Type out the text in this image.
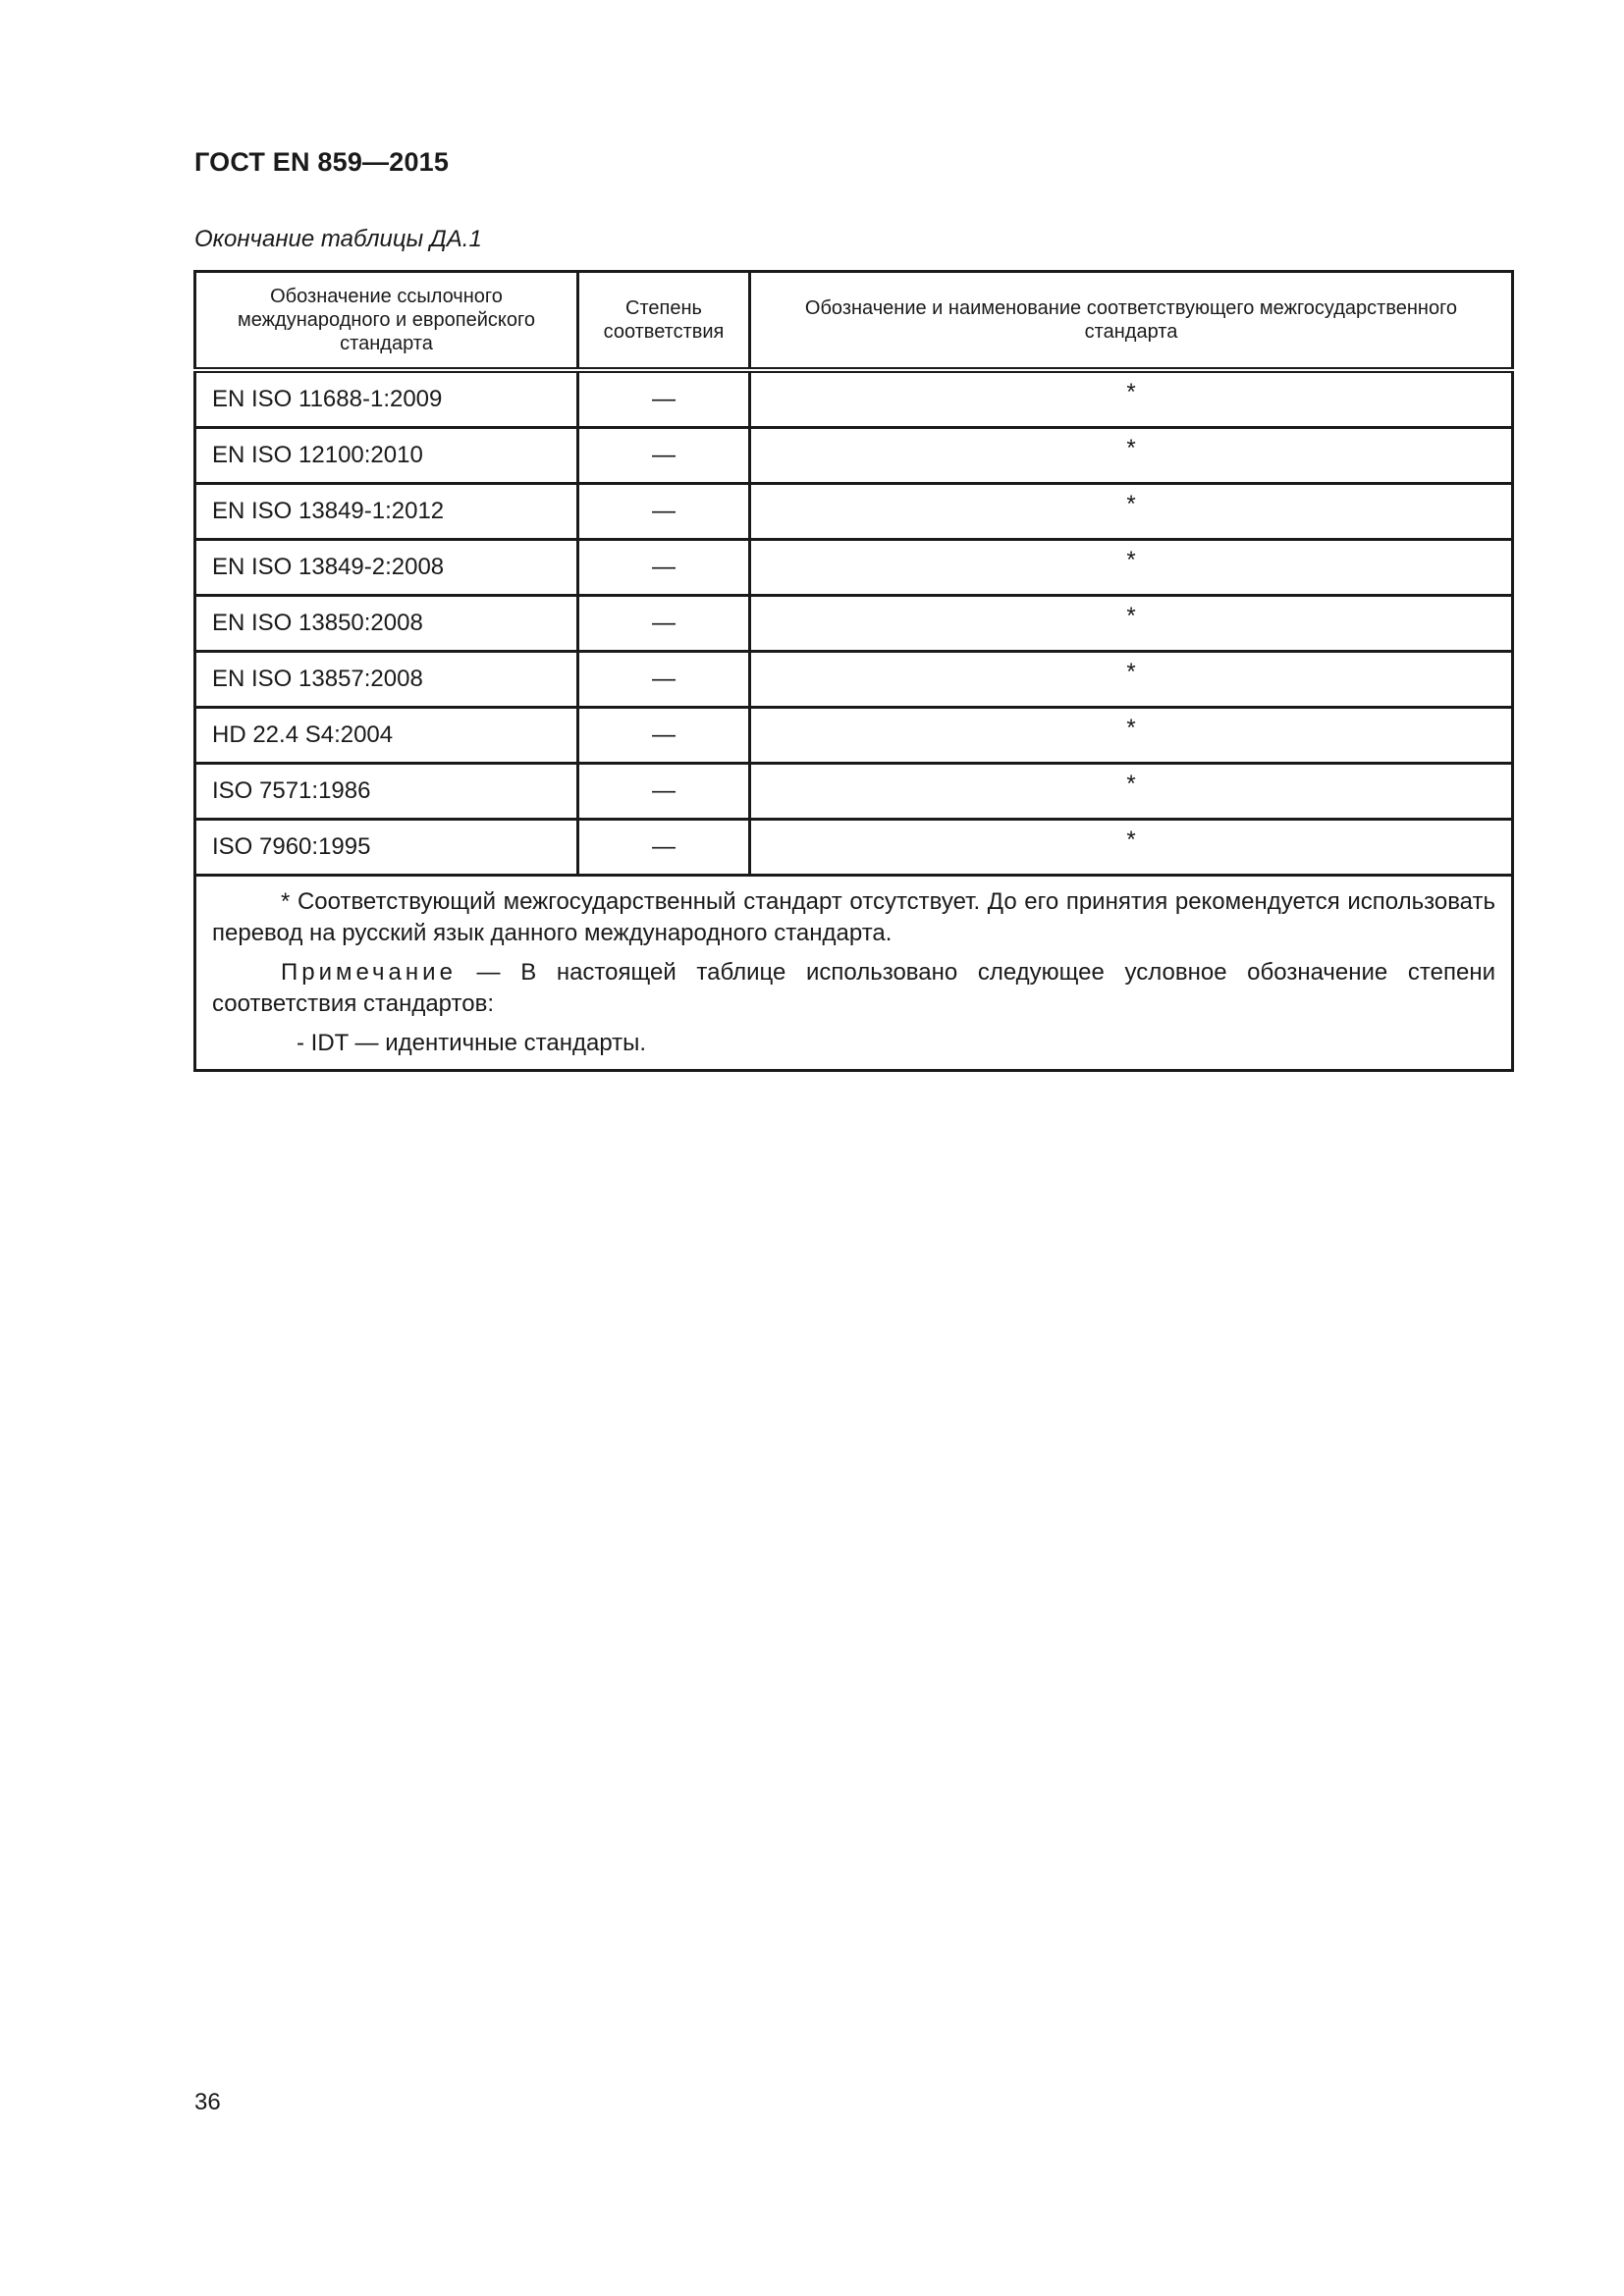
ГОСТ EN 859—2015
Окончание таблицы ДА.1
Обозначение ссылочного международного и европейского стандарта	Степень соответствия	Обозначение и наименование соответствующего межгосударственного стандарта
EN ISO 11688-1:2009	—	*
EN ISO 12100:2010	—	*
EN ISO 13849-1:2012	—	*
EN ISO 13849-2:2008	—	*
EN ISO 13850:2008	—	*
EN ISO 13857:2008	—	*
HD 22.4 S4:2004	—	*
ISO 7571:1986	—	*
ISO 7960:1995	—	*

* Соответствующий межгосударственный стандарт отсутствует. До его принятия рекомендуется использовать перевод на русский язык данного международного стандарта.

Примечание — В настоящей таблице использовано следующее условное обозначение степени соответствия стандартов:

- IDT — идентичные стандарты.		

36
